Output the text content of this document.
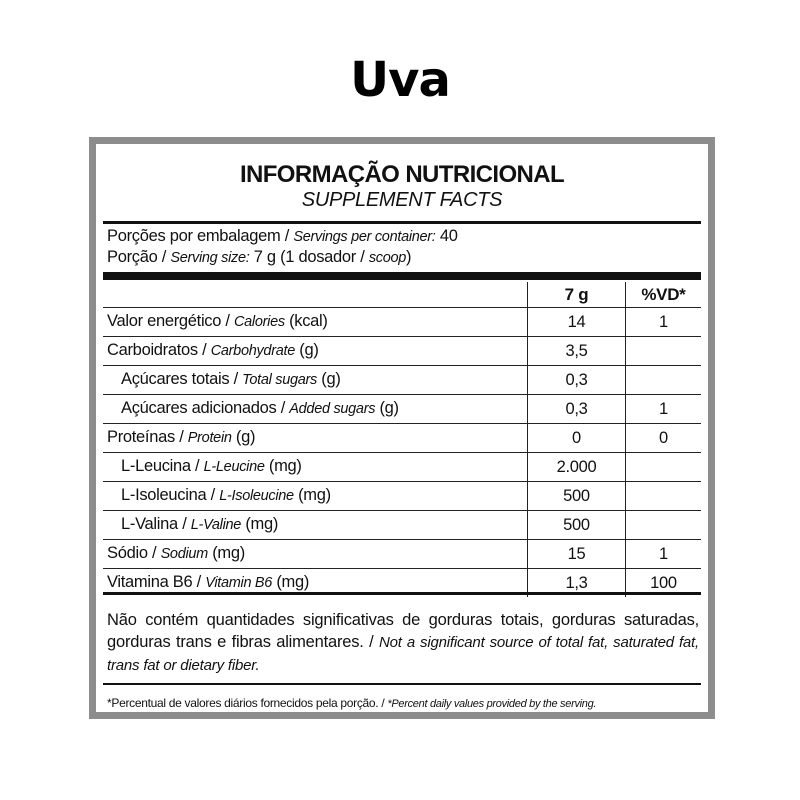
Uva
INFORMAÇÃO NUTRICIONAL
SUPPLEMENT FACTS
Porções por embalagem / Servings per container: 40
Porção / Serving size: 7 g (1 dosador / scoop)
	7 g	%VD*
Valor energético / Calories (kcal)	14	1
Carboidratos / Carbohydrate (g)	3,5	
Açúcares totais / Total sugars (g)	0,3	
Açúcares adicionados / Added sugars (g)	0,3	1
Proteínas / Protein (g)	0	0
L-Leucina / L-Leucine (mg)	2.000	
L-Isoleucina / L-Isoleucine (mg)	500	
L-Valina / L-Valine (mg)	500	
Sódio / Sodium (mg)	15	1
Vitamina B6 / Vitamin B6 (mg)	1,3	100
Não contém quantidades significativas de gorduras totais, gorduras saturadas, gorduras trans e fibras alimentares. / Not a significant source of total fat, saturated fat, trans fat or dietary fiber.
*Percentual de valores diários fornecidos pela porção. / *Percent daily values provided by the serving.
